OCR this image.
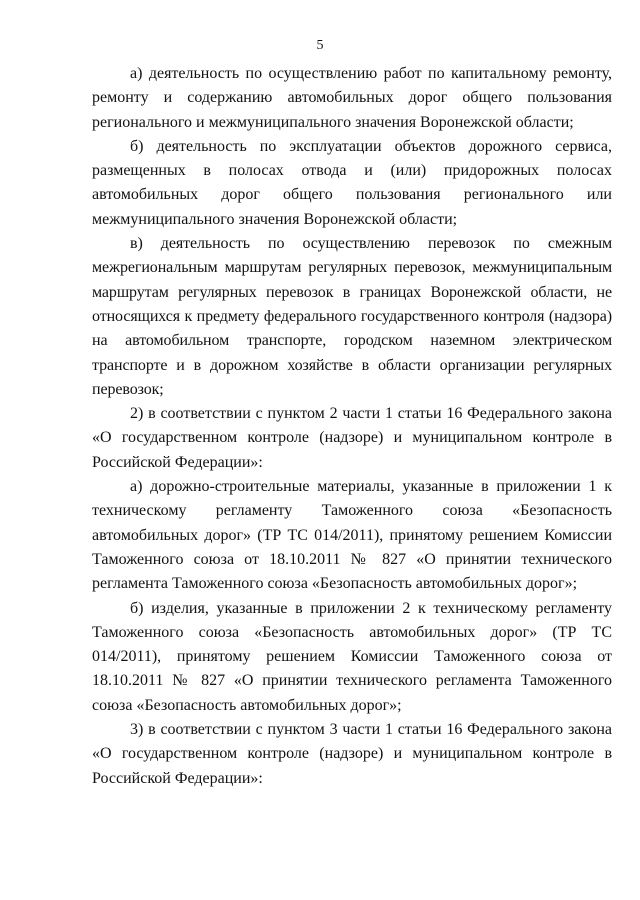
5

а) деятельность по осуществлению работ по капитальному ремонту, ремонту и содержанию автомобильных дорог общего пользования регионального и межмуниципального значения Воронежской области;

б) деятельность по эксплуатации объектов дорожного сервиса, размещенных в полосах отвода и (или) придорожных полосах автомобильных дорог общего пользования регионального или межмуниципального значения Воронежской области;

в) деятельность по осуществлению перевозок по смежным межрегиональным маршрутам регулярных перевозок, межмуниципальным маршрутам регулярных перевозок в границах Воронежской области, не относящихся к предмету федерального государственного контроля (надзора) на автомобильном транспорте, городском наземном электрическом транспорте и в дорожном хозяйстве в области организации регулярных перевозок;

2) в соответствии с пунктом 2 части 1 статьи 16 Федерального закона «О государственном контроле (надзоре) и муниципальном контроле в Российской Федерации»:

а) дорожно-строительные материалы, указанные в приложении 1 к техническому регламенту Таможенного союза «Безопасность автомобильных дорог» (ТР ТС 014/2011), принятому решением Комиссии Таможенного союза от 18.10.2011 № 827 «О принятии технического регламента Таможенного союза «Безопасность автомобильных дорог»;

б) изделия, указанные в приложении 2 к техническому регламенту Таможенного союза «Безопасность автомобильных дорог» (ТР ТС 014/2011), принятому решением Комиссии Таможенного союза от 18.10.2011 № 827 «О принятии технического регламента Таможенного союза «Безопасность автомобильных дорог»;

3) в соответствии с пунктом 3 части 1 статьи 16 Федерального закона «О государственном контроле (надзоре) и муниципальном контроле в Российской Федерации»:
